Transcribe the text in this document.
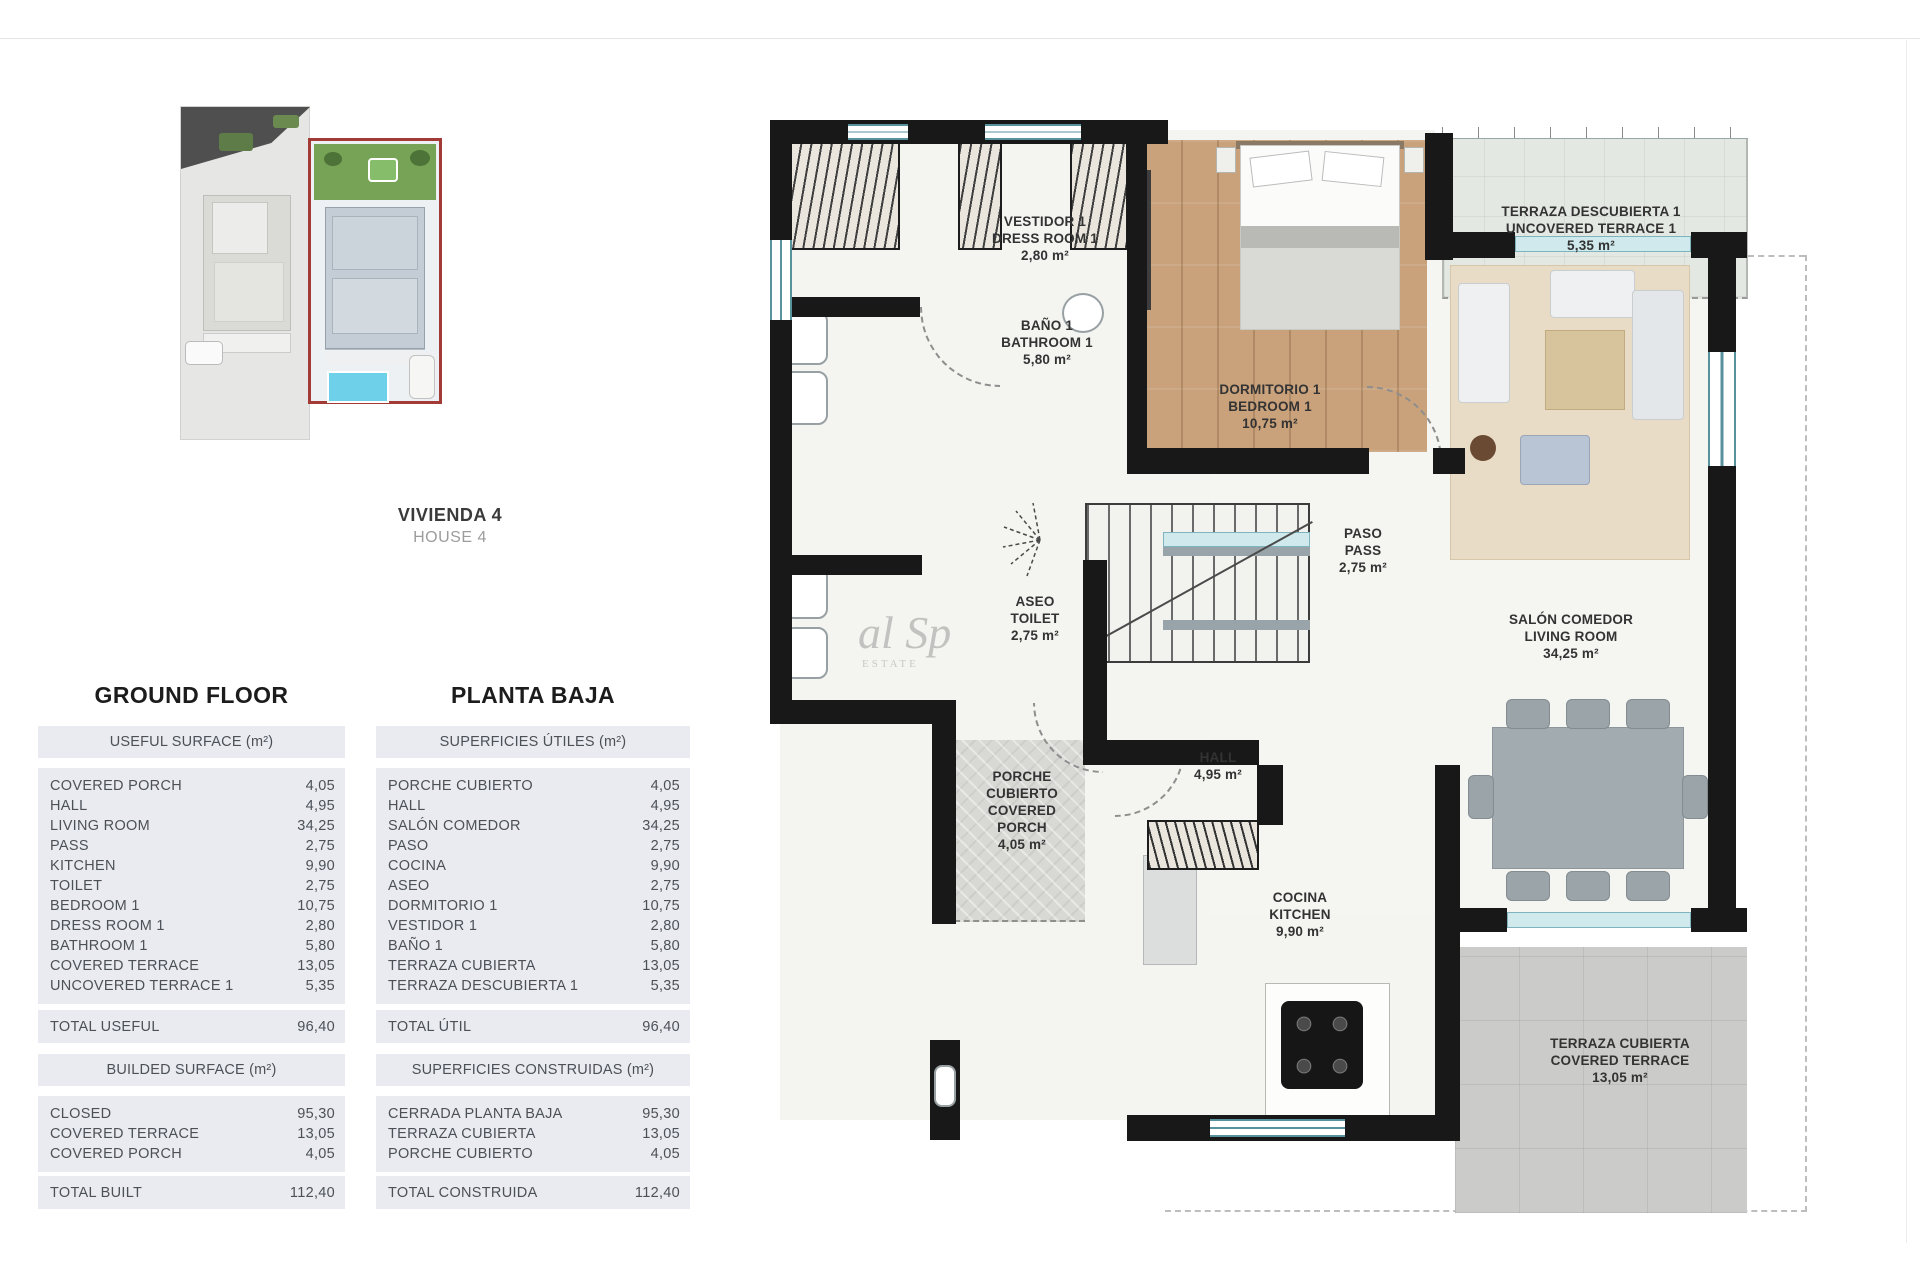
VIVIENDA 4
HOUSE 4
GROUND FLOOR
USEFUL SURFACE (m²)
COVERED PORCH	4,05
HALL	4,95
LIVING ROOM	34,25
PASS	2,75
KITCHEN	9,90
TOILET	2,75
BEDROOM 1	10,75
DRESS ROOM 1	2,80
BATHROOM 1	5,80
COVERED TERRACE	13,05
UNCOVERED TERRACE 1	5,35
TOTAL USEFUL	96,40
BUILDED SURFACE (m²)
CLOSED	95,30
COVERED TERRACE	13,05
COVERED PORCH	4,05
TOTAL BUILT	112,40
PLANTA BAJA
SUPERFICIES ÚTILES (m²)
PORCHE CUBIERTO	4,05
HALL	4,95
SALÓN COMEDOR	34,25
PASO	2,75
COCINA	9,90
ASEO	2,75
DORMITORIO 1	10,75
VESTIDOR 1	2,80
BAÑO 1	5,80
TERRAZA CUBIERTA	13,05
TERRAZA DESCUBIERTA 1	5,35
TOTAL ÚTIL	96,40
SUPERFICIES CONSTRUIDAS (m²)
CERRADA PLANTA BAJA	95,30
TERRAZA CUBIERTA	13,05
PORCHE CUBIERTO	4,05
TOTAL CONSTRUIDA	112,40
al Sp
ESTATE
VESTIDOR 1
DRESS ROOM 1
2,80 m²
BAÑO 1
BATHROOM 1
5,80 m²
DORMITORIO 1
BEDROOM 1
10,75 m²
TERRAZA DESCUBIERTA 1
UNCOVERED TERRACE 1
5,35 m²
PASO
PASS
2,75 m²
ASEO
TOILET
2,75 m²
SALÓN COMEDOR
LIVING ROOM
34,25 m²
HALL
4,95 m²
PORCHE
CUBIERTO
COVERED
PORCH
4,05 m²
COCINA
KITCHEN
9,90 m²
TERRAZA CUBIERTA
COVERED TERRACE
13,05 m²
